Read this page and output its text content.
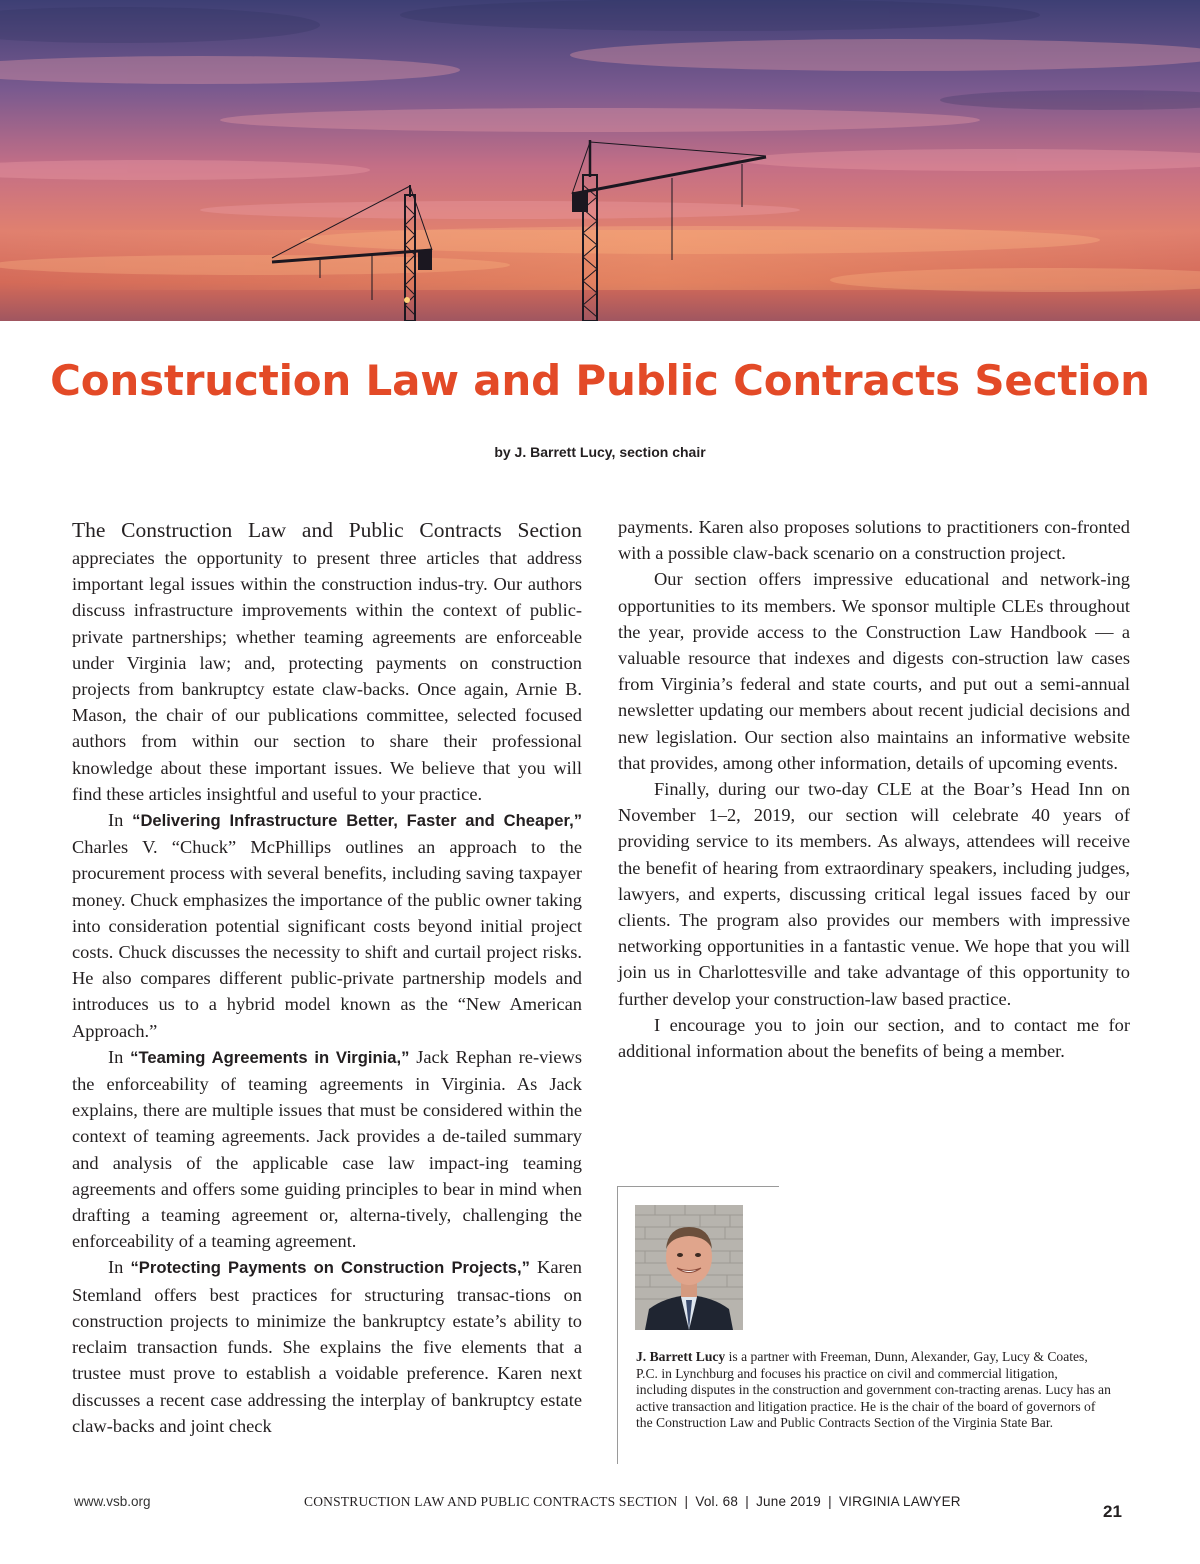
Construction Law and Public Contracts Section
by J. Barrett Lucy, section chair

The Construction Law and Public Contracts Section appreciates the opportunity to present three articles that address important legal issues within the construction indus-try. Our authors discuss infrastructure improvements within the context of public-private partnerships; whether teaming agreements are enforceable under Virginia law; and, protecting payments on construction projects from bankruptcy estate claw-backs. Once again, Arnie B. Mason, the chair of our publications committee, selected focused authors from within our section to share their professional knowledge about these important issues. We believe that you will find these articles insightful and useful to your practice.

In “Delivering Infrastructure Better, Faster and Cheaper,” Charles V. “Chuck” McPhillips outlines an approach to the procurement process with several benefits, including saving taxpayer money. Chuck emphasizes the importance of the public owner taking into consideration potential significant costs beyond initial project costs. Chuck discusses the necessity to shift and curtail project risks. He also compares different public-private partnership models and introduces us to a hybrid model known as the “New American Approach.”

In “Teaming Agreements in Virginia,” Jack Rephan re-views the enforceability of teaming agreements in Virginia. As Jack explains, there are multiple issues that must be considered within the context of teaming agreements. Jack provides a de-tailed summary and analysis of the applicable case law impact-ing teaming agreements and offers some guiding principles to bear in mind when drafting a teaming agreement or, alterna-tively, challenging the enforceability of a teaming agreement.

In “Protecting Payments on Construction Projects,” Karen Stemland offers best practices for structuring transac-tions on construction projects to minimize the bankruptcy estate’s ability to reclaim transaction funds. She explains the five elements that a trustee must prove to establish a voidable preference. Karen next discusses a recent case addressing the interplay of bankruptcy estate claw-backs and joint check

payments. Karen also proposes solutions to practitioners con-fronted with a possible claw-back scenario on a construction project.

Our section offers impressive educational and network-ing opportunities to its members. We sponsor multiple CLEs throughout the year, provide access to the Construction Law Handbook — a valuable resource that indexes and digests con-struction law cases from Virginia’s federal and state courts, and put out a semi-annual newsletter updating our members about recent judicial decisions and new legislation. Our section also maintains an informative website that provides, among other information, details of upcoming events.

Finally, during our two-day CLE at the Boar’s Head Inn on November 1–2, 2019, our section will celebrate 40 years of providing service to its members. As always, attendees will receive the benefit of hearing from extraordinary speakers, including judges, lawyers, and experts, discussing critical legal issues faced by our clients. The program also provides our members with impressive networking opportunities in a fantastic venue. We hope that you will join us in Charlottesville and take advantage of this opportunity to further develop your construction-law based practice.

I encourage you to join our section, and to contact me for additional information about the benefits of being a member.

J. Barrett Lucy is a partner with Freeman, Dunn, Alexander, Gay, Lucy & Coates, P.C. in Lynchburg and focuses his practice on civil and commercial litigation, including disputes in the construction and government con-tracting arenas. Lucy has an active transaction and litigation practice. He is the chair of the board of governors of the Construction Law and Public Contracts Section of the Virginia State Bar.
www.vsb.org	CONSTRUCTION LAW AND PUBLIC CONTRACTS SECTION | Vol. 68 | June 2019 | VIRGINIA LAWYER
21
